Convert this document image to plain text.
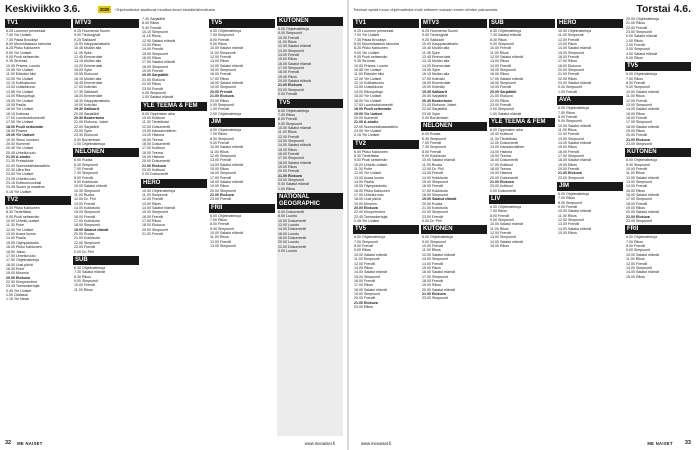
Keskiviikko 3.6.	2020	Ohjelmatiedot saattuvat muuttua ilman etukäteisilmoitusta
TV1
6.25 Luonnon prinsessat
7.00 Yle Uutiset
7.35 Palaa Brooklyn
8.00 Muumilaakson tarinoita
8.25 Pikku Kakkonen
9.00 Yle Uutiset
9.05 Puoli seitsemän
9.35 Strömsö
10.05 Prisma: Luonto
10.55 Yle Uutiset
11.00 Elämäni biisi
12.00 Yle Uutiset
12.10 Kotikatsomo
13.00 Uutisikkuna
13.55 Yle Uutiset
14.00 Rikosjuttuja
15.00 Yle Uutiset
15.05 Pasila
16.00 Yle Uutiset
16.15 Kotimaa
17.00 Luontodokumentti
17.50 Yle Uutiset
18.00 Puoli seitsemän
18.30 Prisma
19.00 Yle Uutiset
19.30 Sinun luontosi
20.00 Kummeli
20.30 Yle Uutiset
20.45 Urheiluruutu
21.00 A-studio
21.30 Pressiklubi
22.00 Sunnuntaihaastattelu
22.30 Ultra Bra
23.00 Yle Uutiset
23.05 Urheiluruutu
23.15 Kulttuuricocktail
23.45 Suomi ja maailma
0.15 Yle Uutiset
TV2
6.00 Pikku Kakkonen
8.30 Tiedetiistai
9.00 Puoli seitsemän
10.00 Urheilu-uutiset
11.30 Puhe
12.00 Yle Uutiset
13.00 Avara luonto
14.00 Pasila
15.05 Olympiastudio
16.00 Pikku Kakkonen
16.50 Jakso
17.00 Urheiluruutu
17.50 Ohjelmatietoja
18.00 Uusi päivä
18.30 Puhe
19.00 Moomin
20.00 Elokuva
22.00 Kinopremiere
23.45 Tarinankertojat
0.45 Yle Uutiset
1.00 Oddasat
1.15 Yle News
MTV3
6.25 Huomenta Suomi
9.00 Tiedonjyvät
9.25 Salkkarit
10.00 Kauppamatkailu
10.45 Mullan alla
11.45 Syke
12.45 Emmerdale
13.15 Mullan alla
14.20 Emmerdale
15.05 Syke
15.55 Elokuvat
16.15 Mullan alla
16.45 Emmerdale
17.00 Kotiväki
17.30 Salkkarit
18.00 Emmerdale
18.30 Kauppamatkailu
19.00 Kotiväki
19.30 Salkkarit
20.00 Sarjatähti
20.30 Bordertown
21.00 Elokuva: Jokeri
22.00 Sarjatähti
23.00 Syke
23.30 Elokuvat
0.00 Bordertown
1.00 Ohjelmatietoja
NELONEN
6.00 Ruoka
6.30 Simpsonit
7.00 Frendit
7.30 Simpsonit
8.00 Frendit
9.00 Kokkisota
10.00 Salatut elämät
10.30 Simpsonit
11.00 Ruoka
12.00 Dr. Phil
13.00 Frendit
14.00 Kokkisota
15.00 Simpsonit
16.00 Frendit
17.00 Kokkisota
18.00 Simpsonit
19.00 Salatut elämät
20.00 Ruoka
21.00 Kokkisota
22.00 Simpsonit
23.00 Frendit
0.00 Dr. Phil
SUB
6.30 Ohjelmatietoja
7.30 Salatut elämät
8.30 Rikos
9.00 Simpsonit
10.00 Frendit
11.00 Rikos
7.40 Sarjatähti
8.40 Rikos
9.40 Frendit
10.10 Simpsonit
11.15 Rikos
12.00 Salatut elämät
13.00 Rikos
14.00 Frendit
15.00 Simpsonit
16.00 Rikos
17.00 Salatut elämät
18.00 Simpsonit
19.00 Frendit
20.00 Sarjatähti
21.00 Elokuva
22.00 Rikos
23.00 Frendit
0.00 Simpsonit
1.00 Salatut elämät
YLE TEEMA & FEM
8.00 Oppimisen aika
10.00 Kulttuuri
11.30 Tiedetiistai
12.00 Dokumentti
13.00 Kansainvälinen
14.00 Historia
15.00 Teema
16.00 Dokumentti
17.00 Kulttuuri
18.00 Teema
19.00 Historia
20.00 Dokumentti
21.00 Elokuva
23.00 Kulttuuri
0.00 Dokumentti
HERO
10.00 Ohjelmatietoja
11.00 Simpsonit
12.00 Frendit
13.00 Rikos
14.00 Salatut elämät
15.00 Simpsonit
16.00 Frendit
17.00 Rikos
18.00 Elokuva
20.00 Simpsonit
21.00 Frendit
TV5
6.00 Ohjelmatietoja
7.00 Simpsonit
8.00 Frendit
9.00 Rikos
10.00 Salatut elämät
11.00 Simpsonit
12.00 Frendit
13.00 Rikos
14.00 Salatut elämät
15.00 Simpsonit
16.00 Frendit
17.00 Rikos
18.00 Salatut elämät
19.00 Simpsonit
20.00 Frendit
21.00 Elokuva
23.00 Rikos
0.00 Simpsonit
1.00 Frendit
2.00 Ohjelmatietoja
JIM
6.00 Ohjelmatietoja
7.00 Rikos
8.00 Simpsonit
9.00 Frendit
10.00 Salatut elämät
11.00 Rikos
12.00 Simpsonit
13.00 Frendit
14.00 Salatut elämät
15.00 Rikos
16.00 Simpsonit
17.00 Frendit
18.00 Salatut elämät
19.00 Rikos
20.00 Simpsonit
21.00 Elokuva
23.00 Frendit
FRII
6.00 Ohjelmatietoja
7.00 Rikos
8.00 Frendit
9.00 Simpsonit
10.00 Salatut elämät
11.00 Rikos
12.00 Frendit
13.00 Simpsonit
KUTONEN
8.00 Ohjelmatietoja
9.00 Simpsonit
10.00 Frendit
11.00 Rikos
12.00 Salatut elämät
13.00 Simpsonit
14.00 Frendit
15.00 Rikos
16.00 Salatut elämät
17.00 Simpsonit
18.00 Frendit
19.00 Rikos
20.00 Salatut elämät
21.00 Elokuva
23.00 Simpsonit
0.00 Frendit
TV5
6.00 Ohjelmatietoja
7.00 Rikos
8.00 Frendit
9.00 Simpsonit
10.00 Salatut elämät
11.00 Rikos
12.00 Frendit
13.00 Simpsonit
14.00 Salatut elämät
15.00 Rikos
16.00 Frendit
17.00 Simpsonit
18.00 Salatut elämät
19.00 Rikos
20.00 Frendit
21.00 Elokuva
23.00 Simpsonit
0.00 Salatut elämät
1.00 Rikos
NATIONAL GEOGRAPHIC
6.00 Dokumentti
8.00 Luonto
10.00 Dokumentti
12.00 Luonto
14.00 Dokumentti
16.00 Luonto
18.00 Dokumentti
20.00 Luonto
22.00 Dokumentti
0.00 Luonto
32 ME NAISET	www.menaiset.fi
Tekniset syistä muun ohjelmatiedot eivät ehtineet mukaan ennen lehden painamista.	Torstai 4.6.
TV1
6.25 Luonnon prinsessat
7.00 Yle Uutiset
7.35 Palaa Brooklyn
8.00 Muumilaakson tarinoita
8.25 Pikku Kakkonen
9.00 Yle Uutiset
9.05 Puoli seitsemän
9.35 Strömsö
10.05 Prisma: Luonto
10.55 Yle Uutiset
11.00 Elämäni biisi
12.00 Yle Uutiset
12.10 Kotikatsomo
13.00 Uutisikkuna
14.00 Rikosjuttuja
15.00 Yle Uutiset
16.00 Yle Uutiset
17.00 Luontodokumentti
18.00 Puoli seitsemän
19.00 Yle Uutiset
20.00 Kummeli
21.00 A-studio
22.00 Sunnuntaihaastattelu
23.00 Yle Uutiset
0.15 Yle Uutiset
TV2
6.00 Pikku Kakkonen
8.30 Tiedetiistai
9.00 Puoli seitsemän
10.00 Urheilu-uutiset
11.30 Puhe
12.00 Yle Uutiset
13.00 Avara luonto
14.00 Pasila
15.05 Olympiastudio
16.00 Pikku Kakkonen
17.00 Urheiluruutu
18.00 Uusi päivä
19.00 Moomin
20.00 Elokuva
22.00 Kinopremiere
23.45 Tarinankertojat
0.45 Yle Uutiset
TV5
6.00 Ohjelmatietoja
7.00 Simpsonit
8.00 Frendit
9.00 Rikos
10.00 Salatut elämät
11.00 Simpsonit
12.00 Frendit
13.00 Rikos
14.00 Salatut elämät
15.00 Simpsonit
16.00 Frendit
17.00 Rikos
18.00 Salatut elämät
19.00 Simpsonit
20.00 Frendit
21.00 Elokuva
23.00 Rikos
MTV3
6.25 Huomenta Suomi
9.00 Tiedonjyvät
9.25 Salkkarit
10.00 Kauppamatkailu
10.45 Mullan alla
11.45 Syke
12.45 Emmerdale
13.15 Mullan alla
14.20 Emmerdale
15.05 Syke
16.15 Mullan alla
17.00 Kotiväki
18.00 Emmerdale
19.00 Kotiväki
19.30 Salkkarit
20.00 Sarjatähti
20.30 Bordertown
21.00 Elokuva: Jokeri
22.00 Sarjatähti
23.00 Syke
0.00 Bordertown
NELONEN
6.00 Ruoka
6.30 Simpsonit
7.00 Frendit
7.30 Simpsonit
8.00 Frendit
9.00 Kokkisota
10.00 Salatut elämät
11.00 Ruoka
12.00 Dr. Phil
13.00 Frendit
14.00 Kokkisota
15.00 Simpsonit
16.00 Frendit
17.00 Kokkisota
18.00 Simpsonit
19.00 Salatut elämät
20.00 Ruoka
21.00 Kokkisota
22.00 Simpsonit
23.00 Frendit
0.00 Dr. Phil
KUTONEN
8.00 Ohjelmatietoja
9.00 Simpsonit
10.00 Frendit
11.00 Rikos
12.00 Salatut elämät
13.00 Simpsonit
14.00 Frendit
15.00 Rikos
16.00 Salatut elämät
17.00 Simpsonit
18.00 Frendit
19.00 Rikos
20.00 Salatut elämät
21.00 Elokuva
23.00 Simpsonit
SUB
6.30 Ohjelmatietoja
7.30 Salatut elämät
8.30 Rikos
9.00 Simpsonit
10.00 Frendit
11.00 Rikos
12.00 Salatut elämät
13.00 Rikos
14.00 Frendit
15.00 Simpsonit
16.00 Rikos
17.00 Salatut elämät
18.00 Simpsonit
19.00 Frendit
20.00 Sarjatähti
21.00 Elokuva
22.00 Rikos
23.00 Frendit
0.00 Simpsonit
1.00 Salatut elämät
YLE TEEMA & FEM
8.00 Oppimisen aika
10.00 Kulttuuri
11.30 Tiedetiistai
12.00 Dokumentti
13.00 Kansainvälinen
14.00 Historia
15.00 Teema
16.00 Dokumentti
17.00 Kulttuuri
18.00 Teema
19.00 Historia
20.00 Dokumentti
21.00 Elokuva
23.00 Kulttuuri
0.00 Dokumentti
LIV
6.00 Ohjelmatietoja
7.00 Rikos
8.00 Frendit
9.00 Simpsonit
10.00 Salatut elämät
11.00 Rikos
12.00 Frendit
13.00 Simpsonit
14.00 Salatut elämät
15.00 Rikos
HERO
10.00 Ohjelmatietoja
11.00 Simpsonit
12.00 Frendit
13.00 Rikos
14.00 Salatut elämät
15.00 Simpsonit
16.00 Frendit
17.00 Rikos
18.00 Elokuva
20.00 Simpsonit
21.00 Frendit
22.00 Rikos
23.00 Salatut elämät
0.00 Simpsonit
1.00 Frendit
AVA
6.00 Ohjelmatietoja
7.00 Rikos
8.00 Frendit
9.00 Simpsonit
10.00 Salatut elämät
11.00 Rikos
12.00 Frendit
13.00 Simpsonit
14.00 Salatut elämät
15.00 Rikos
16.00 Frendit
17.00 Simpsonit
18.00 Salatut elämät
19.00 Rikos
20.00 Frendit
21.00 Elokuva
23.00 Simpsonit
JIM
6.00 Ohjelmatietoja
7.00 Rikos
8.00 Simpsonit
9.00 Frendit
10.00 Salatut elämät
11.00 Rikos
12.00 Simpsonit
13.00 Frendit
14.00 Salatut elämät
15.00 Rikos
20.00 Ohjelmatietoja
21.00 Rikos
22.00 Frendit
23.00 Simpsonit
0.00 Salatut elämät
1.00 Rikos
2.00 Frendit
3.00 Simpsonit
4.00 Salatut elämät
5.00 Rikos
TV5
6.00 Ohjelmatietoja
7.00 Rikos
8.00 Frendit
9.00 Simpsonit
10.00 Salatut elämät
11.00 Rikos
12.00 Frendit
13.00 Simpsonit
14.00 Salatut elämät
15.00 Rikos
16.00 Frendit
17.00 Simpsonit
18.00 Salatut elämät
19.00 Rikos
20.00 Frendit
21.00 Elokuva
23.00 Simpsonit
KUTONEN
8.00 Ohjelmatietoja
9.00 Simpsonit
10.00 Frendit
11.00 Rikos
12.00 Salatut elämät
13.00 Simpsonit
14.00 Frendit
15.00 Rikos
16.00 Salatut elämät
17.00 Simpsonit
18.00 Frendit
19.00 Rikos
20.00 Salatut elämät
21.00 Elokuva
23.00 Simpsonit
FRII
6.00 Ohjelmatietoja
7.00 Rikos
8.00 Frendit
9.00 Simpsonit
10.00 Salatut elämät
11.00 Rikos
12.00 Frendit
13.00 Simpsonit
14.00 Salatut elämät
15.00 Rikos
www.menaiset.fi	ME NAISET 33
